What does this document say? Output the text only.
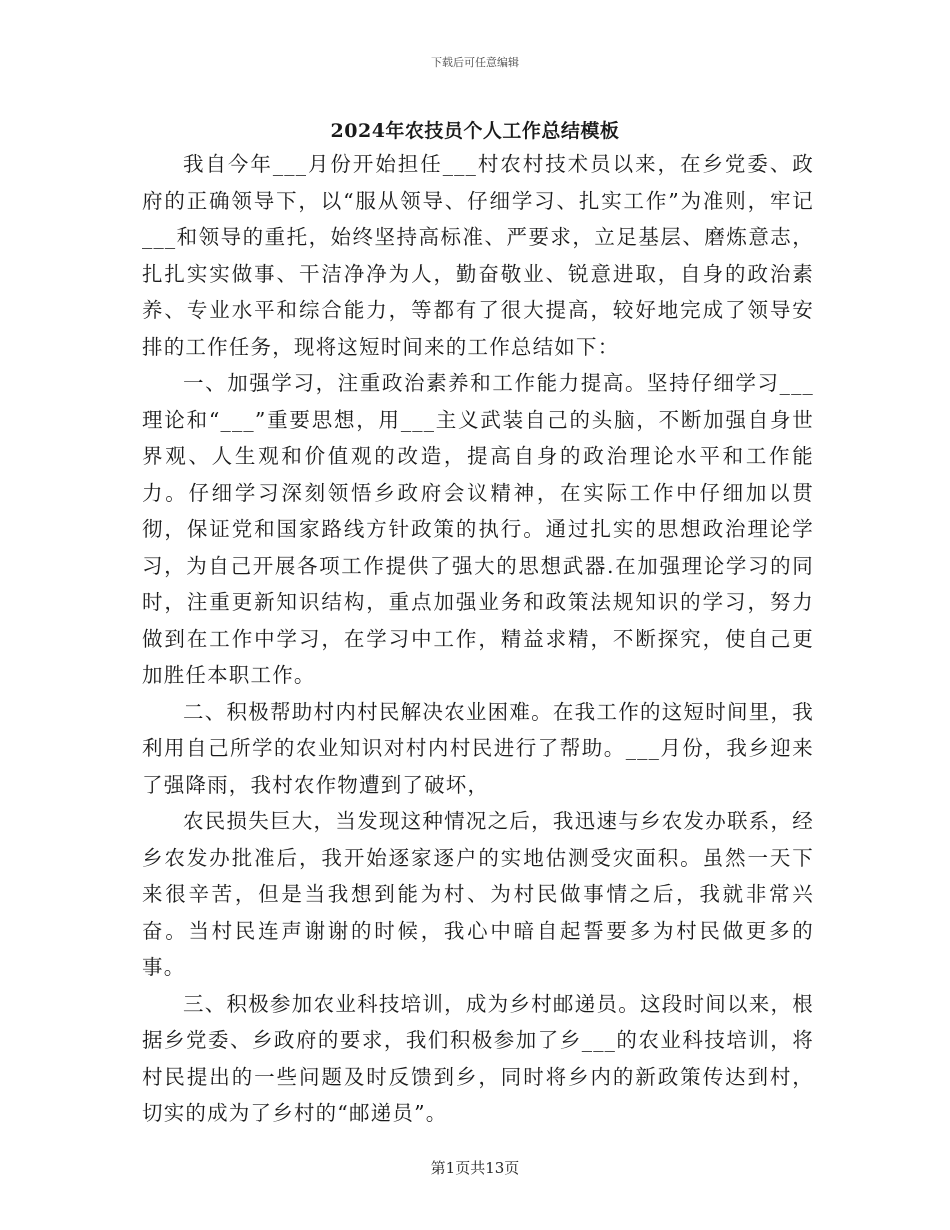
下载后可任意编辑
2024年农技员个人工作总结模板

我自今年___月份开始担任___村农村技术员以来，在乡党委、政府的正确领导下，以“服从领导、仔细学习、扎实工作”为准则，牢记___和领导的重托，始终坚持高标准、严要求，立足基层、磨炼意志，扎扎实实做事、干洁净净为人，勤奋敬业、锐意进取，自身的政治素养、专业水平和综合能力，等都有了很大提高，较好地完成了领导安排的工作任务，现将这短时间来的工作总结如下：

一、加强学习，注重政治素养和工作能力提高。坚持仔细学习___理论和“___”重要思想，用___主义武装自己的头脑，不断加强自身世界观、人生观和价值观的改造，提高自身的政治理论水平和工作能力。仔细学习深刻领悟乡政府会议精神，在实际工作中仔细加以贯彻，保证党和国家路线方针政策的执行。通过扎实的思想政治理论学习，为自己开展各项工作提供了强大的思想武器.在加强理论学习的同时，注重更新知识结构，重点加强业务和政策法规知识的学习，努力做到在工作中学习，在学习中工作，精益求精，不断探究，使自己更加胜任本职工作。

二、积极帮助村内村民解决农业困难。在我工作的这短时间里，我利用自己所学的农业知识对村内村民进行了帮助。___月份，我乡迎来了强降雨，我村农作物遭到了破坏，

农民损失巨大，当发现这种情况之后，我迅速与乡农发办联系，经乡农发办批准后，我开始逐家逐户的实地估测受灾面积。虽然一天下来很辛苦，但是当我想到能为村、为村民做事情之后，我就非常兴奋。当村民连声谢谢的时候，我心中暗自起誓要多为村民做更多的事。

三、积极参加农业科技培训，成为乡村邮递员。这段时间以来，根据乡党委、乡政府的要求，我们积极参加了乡___的农业科技培训，将村民提出的一些问题及时反馈到乡，同时将乡内的新政策传达到村，切实的成为了乡村的“邮递员”。

第1页共13页
